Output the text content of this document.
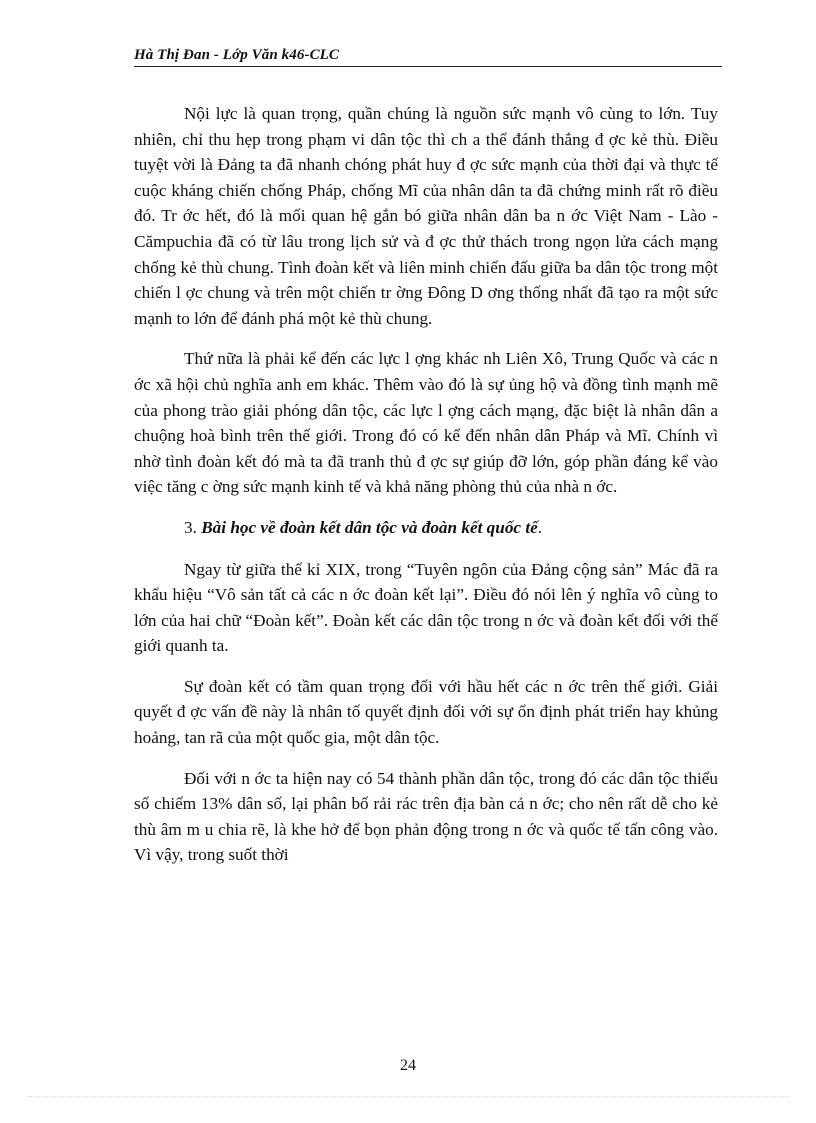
Hà Thị Đan - Lớp Văn k46-CLC

Nội lực là quan trọng, quần chúng là nguồn sức mạnh vô cùng to lớn. Tuy nhiên, chỉ thu hẹp trong phạm vi dân tộc thì ch a thể đánh thắng đ ợc kẻ thù. Điều tuyệt vời là Đảng ta đã nhanh chóng phát huy đ ợc sức mạnh của thời đại và thực tế cuộc kháng chiến chống Pháp, chống Mĩ của nhân dân ta đã chứng minh rất rõ điều đó. Tr ớc hết, đó là mối quan hệ gắn bó giữa nhân dân ba n ớc Việt Nam - Lào - Cămpuchia đã có từ lâu trong lịch sử và đ ợc thử thách trong ngọn lửa cách mạng chống kẻ thù chung. Tình đoàn kết và liên minh chiến đấu giữa ba dân tộc trong một chiến l ợc chung và trên một chiến tr ờng Đông D ơng thống nhất đã tạo ra một sức mạnh to lớn để đánh phá một kẻ thù chung.

Thứ nữa là phải kể đến các lực l ợng khác nh Liên Xô, Trung Quốc và các n ớc xã hội chủ nghĩa anh em khác. Thêm vào đó là sự ủng hộ và đồng tình mạnh mẽ của phong trào giải phóng dân tộc, các lực l ợng cách mạng, đặc biệt là nhân dân a chuộng hoà bình trên thế giới. Trong đó có kể đến nhân dân Pháp và Mĩ. Chính vì nhờ tình đoàn kết đó mà ta đã tranh thủ đ ợc sự giúp đỡ lớn, góp phần đáng kể vào việc tăng c ờng sức mạnh kinh tế và khả năng phòng thủ của nhà n ớc.

3. Bài học về đoàn kết dân tộc và đoàn kết quốc tế.

Ngay từ giữa thế kỉ XIX, trong “Tuyên ngôn của Đảng cộng sản” Mác đã ra khẩu hiệu “Vô sản tất cả các n ớc đoàn kết lại”. Điều đó nói lên ý nghĩa vô cùng to lớn của hai chữ “Đoàn kết”. Đoàn kết các dân tộc trong n ớc và đoàn kết đối với thế giới quanh ta.

Sự đoàn kết có tầm quan trọng đối với hầu hết các n ớc trên thế giới. Giải quyết đ ợc vấn đề này là nhân tố quyết định đối với sự ổn định phát triển hay khủng hoảng, tan rã của một quốc gia, một dân tộc.

Đối với n ớc ta hiện nay có 54 thành phần dân tộc, trong đó các dân tộc thiểu số chiếm 13% dân số, lại phân bố rải rác trên địa bàn cả n ớc; cho nên rất dễ cho kẻ thù âm m u chia rẽ, là khe hở để bọn phản động trong n ớc và quốc tế tấn công vào. Vì vậy, trong suốt thời

24
